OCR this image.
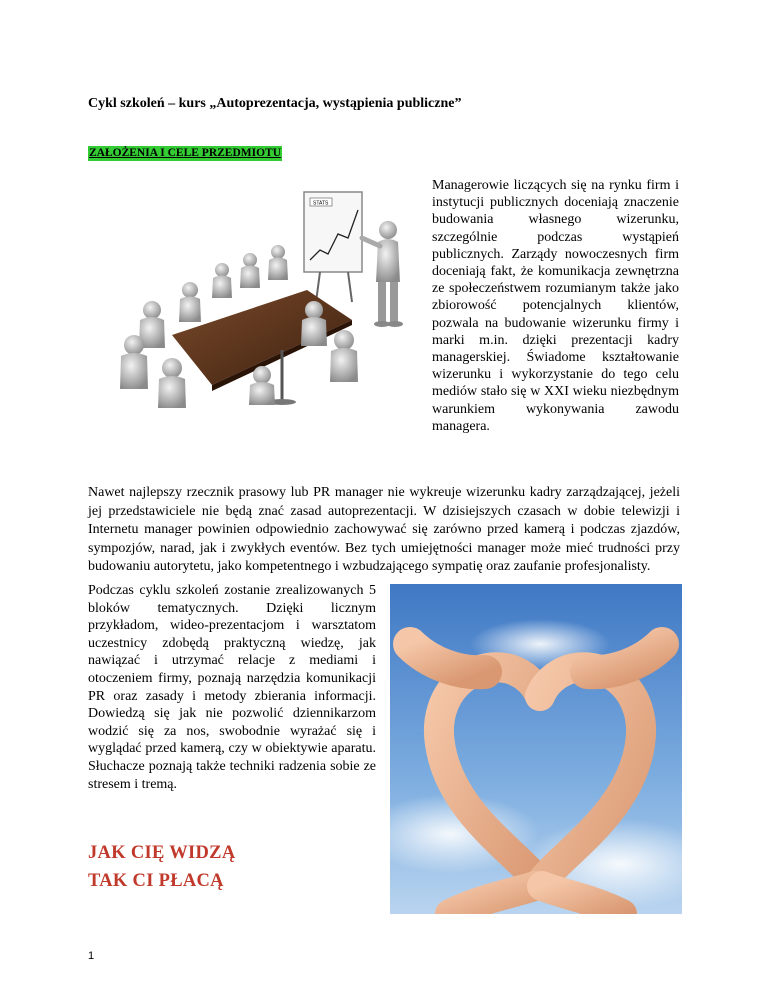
Cykl szkoleń – kurs „Autoprezentacja, wystąpienia publiczne”
ZAŁOŻENIA I CELE PRZEDMIOTU
STATS
Managerowie liczących się na rynku firm i instytucji publicznych doceniają znaczenie budowania własnego wizerunku, szczególnie podczas wystąpień publicznych. Zarządy nowoczesnych firm doceniają fakt, że komunikacja zewnętrzna ze społeczeństwem rozumianym także jako zbiorowość potencjalnych klientów, pozwala na budowanie wizerunku firmy i marki m.in. dzięki prezentacji kadry managerskiej. Świadome kształtowanie wizerunku i wykorzystanie do tego celu mediów stało się w XXI wieku niezbędnym warunkiem wykonywania zawodu managera.
Nawet najlepszy rzecznik prasowy lub PR manager nie wykreuje wizerunku kadry zarządzającej, jeżeli jej przedstawiciele nie będą znać zasad autoprezentacji. W dzisiejszych czasach w dobie telewizji i Internetu manager powinien odpowiednio zachowywać się zarówno przed kamerą i podczas zjazdów, sympozjów, narad, jak i zwykłych eventów. Bez tych umiejętności manager może mieć trudności przy budowaniu autorytetu, jako kompetentnego i wzbudzającego sympatię oraz zaufanie profesjonalisty.
Podczas cyklu szkoleń zostanie zrealizowanych 5 bloków tematycznych. Dzięki licznym przykładom, wideo-prezentacjom i warsztatom uczestnicy zdobędą praktyczną wiedzę, jak nawiązać i utrzymać relacje z mediami i otoczeniem firmy, poznają narzędzia komunikacji PR oraz zasady i metody zbierania informacji. Dowiedzą się jak nie pozwolić dziennikarzom wodzić się za nos, swobodnie wyrażać się i wyglądać przed kamerą, czy w obiektywie aparatu. Słuchacze poznają także techniki radzenia sobie ze stresem i tremą.
JAK CIĘ WIDZĄ
TAK CI PŁACĄ
1
